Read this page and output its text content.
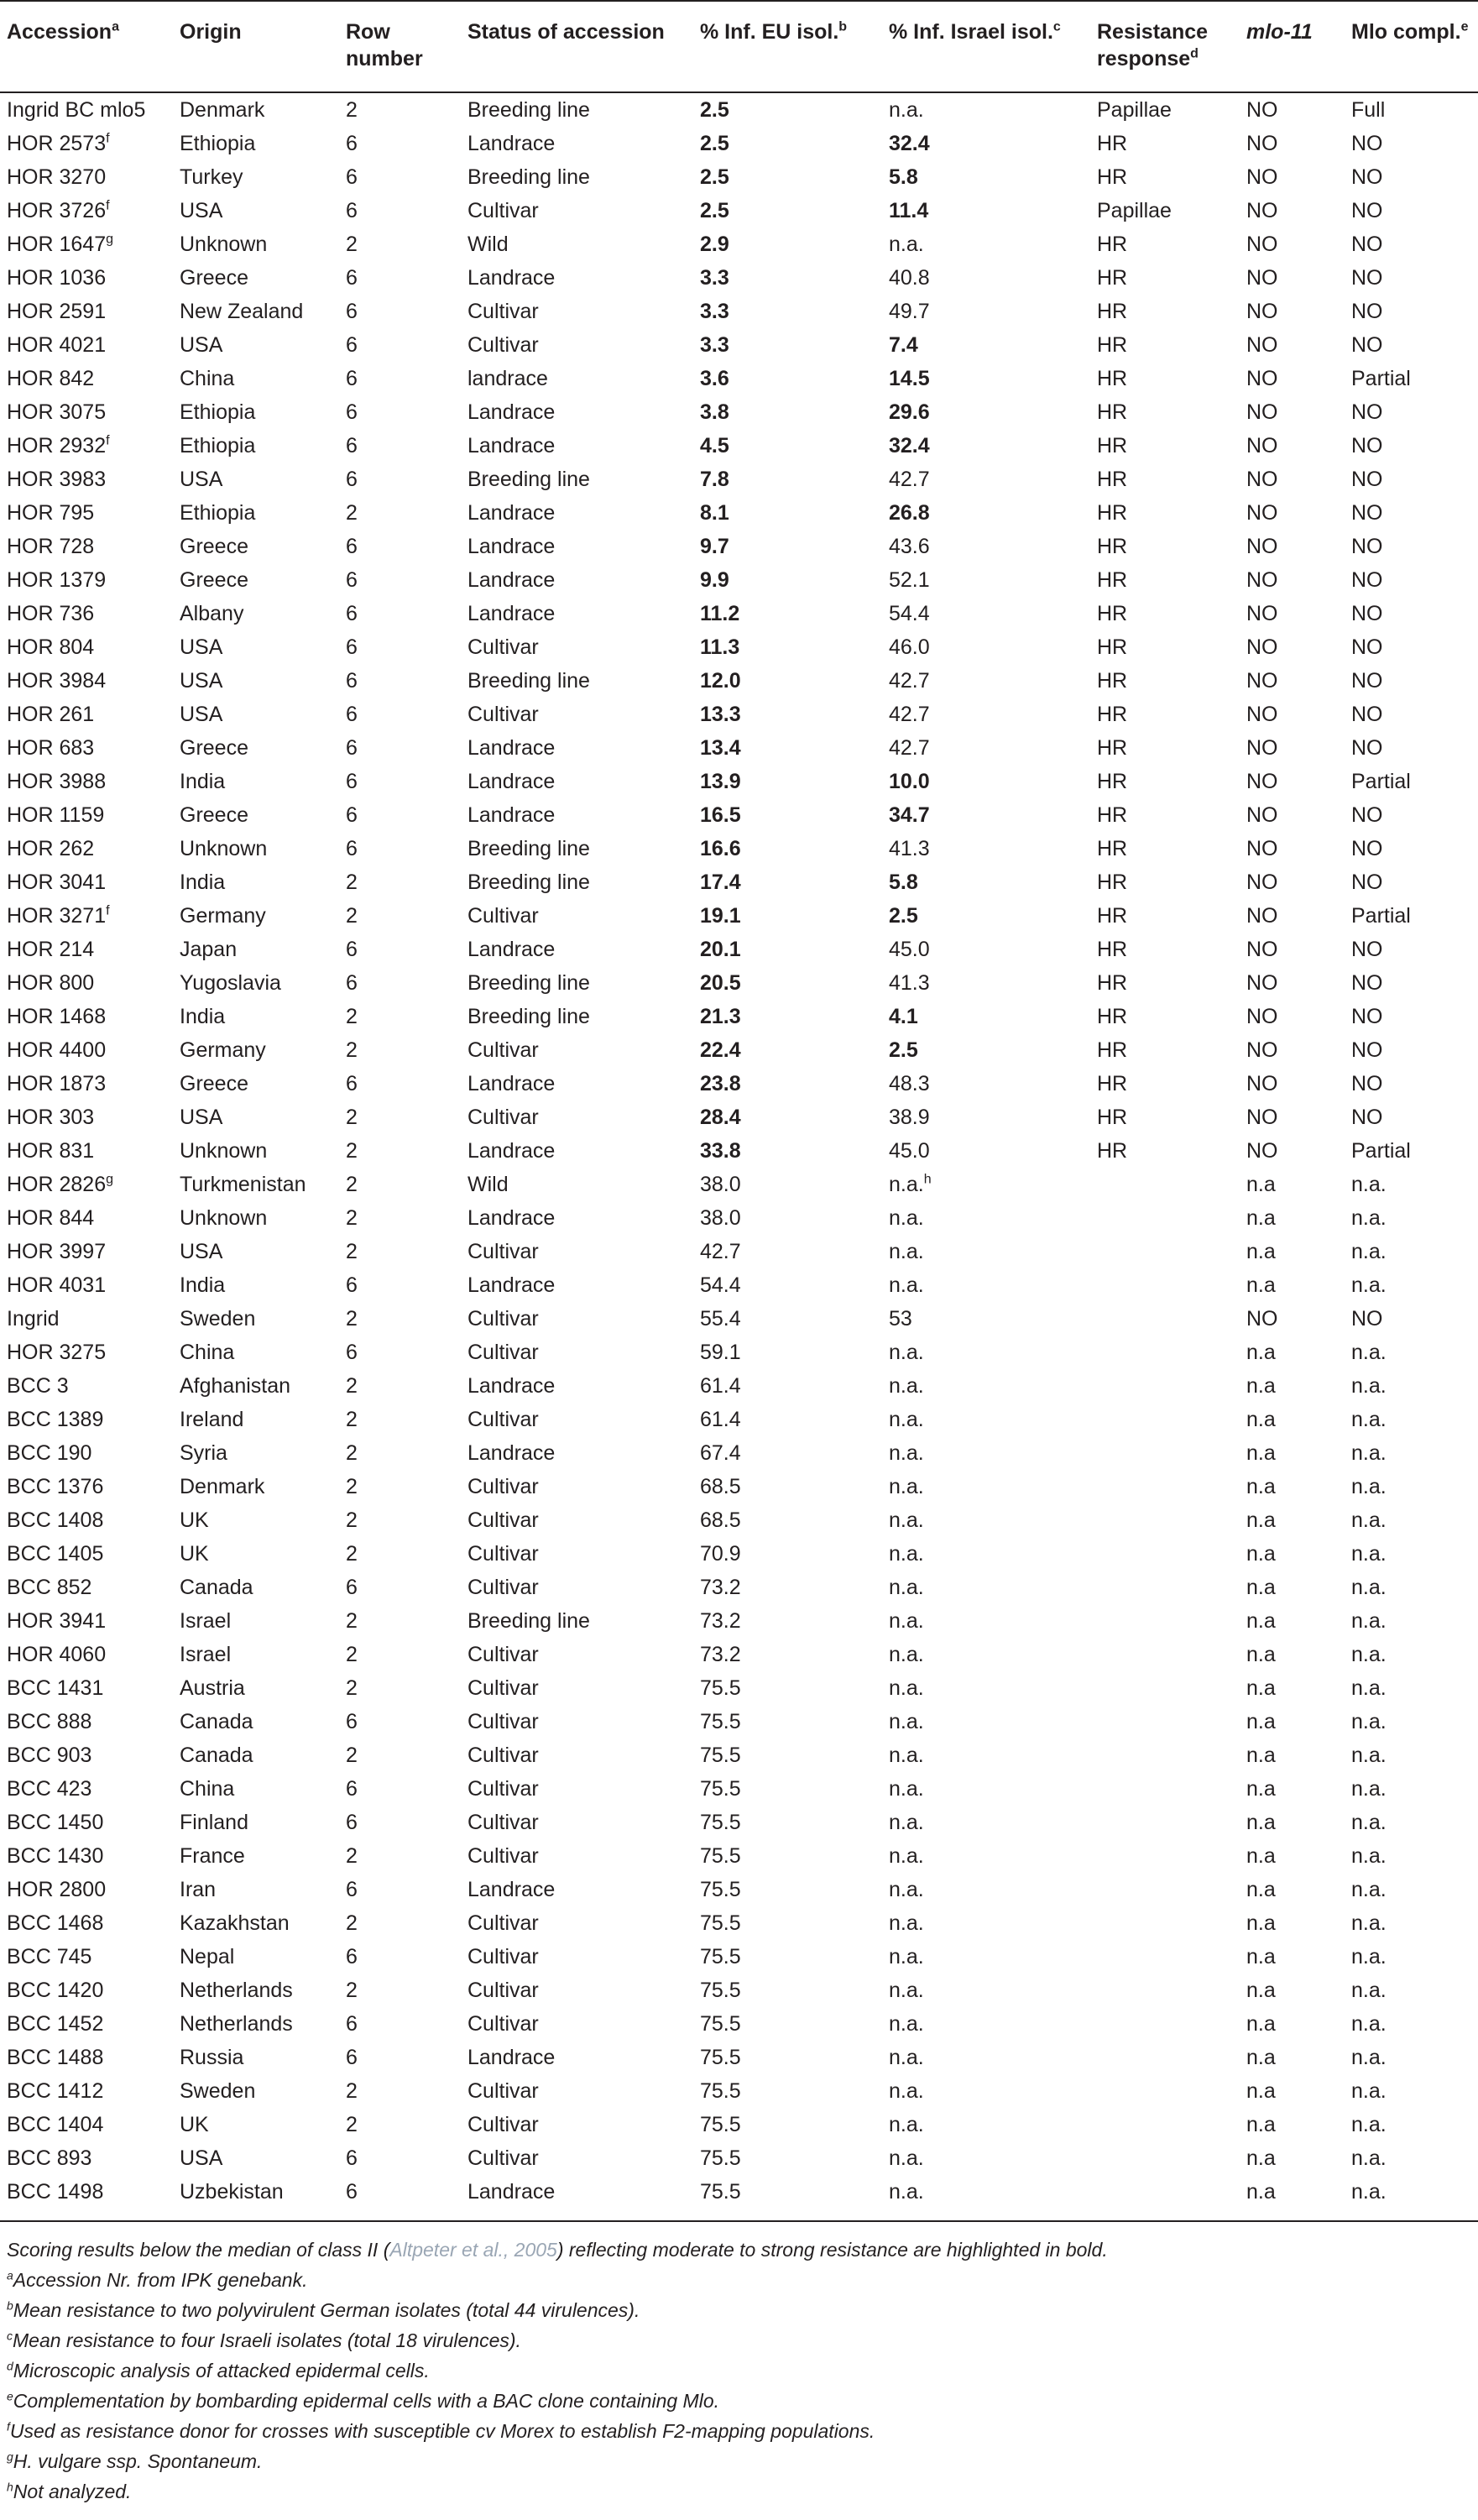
Accession$^a$	Origin	Row number	Status of accession	% Inf. EU isol.$^b$	% Inf. Israel isol.$^c$	Resistance response$^d$	mlo-11	Mlo compl.$^e$
Ingrid BC mlo5	Denmark	2	Breeding line	2.5	n.a.	Papillae	NO	Full
HOR 2573$^f$	Ethiopia	6	Landrace	2.5	32.4	HR	NO	NO
HOR 3270	Turkey	6	Breeding line	2.5	5.8	HR	NO	NO
HOR 3726$^f$	USA	6	Cultivar	2.5	11.4	Papillae	NO	NO
HOR 1647$^g$	Unknown	2	Wild	2.9	n.a.	HR	NO	NO
HOR 1036	Greece	6	Landrace	3.3	40.8	HR	NO	NO
HOR 2591	New Zealand	6	Cultivar	3.3	49.7	HR	NO	NO
HOR 4021	USA	6	Cultivar	3.3	7.4	HR	NO	NO
HOR 842	China	6	landrace	3.6	14.5	HR	NO	Partial
HOR 3075	Ethiopia	6	Landrace	3.8	29.6	HR	NO	NO
HOR 2932$^f$	Ethiopia	6	Landrace	4.5	32.4	HR	NO	NO
HOR 3983	USA	6	Breeding line	7.8	42.7	HR	NO	NO
HOR 795	Ethiopia	2	Landrace	8.1	26.8	HR	NO	NO
HOR 728	Greece	6	Landrace	9.7	43.6	HR	NO	NO
HOR 1379	Greece	6	Landrace	9.9	52.1	HR	NO	NO
HOR 736	Albany	6	Landrace	11.2	54.4	HR	NO	NO
HOR 804	USA	6	Cultivar	11.3	46.0	HR	NO	NO
HOR 3984	USA	6	Breeding line	12.0	42.7	HR	NO	NO
HOR 261	USA	6	Cultivar	13.3	42.7	HR	NO	NO
HOR 683	Greece	6	Landrace	13.4	42.7	HR	NO	NO
HOR 3988	India	6	Landrace	13.9	10.0	HR	NO	Partial
HOR 1159	Greece	6	Landrace	16.5	34.7	HR	NO	NO
HOR 262	Unknown	6	Breeding line	16.6	41.3	HR	NO	NO
HOR 3041	India	2	Breeding line	17.4	5.8	HR	NO	NO
HOR 3271$^f$	Germany	2	Cultivar	19.1	2.5	HR	NO	Partial
HOR 214	Japan	6	Landrace	20.1	45.0	HR	NO	NO
HOR 800	Yugoslavia	6	Breeding line	20.5	41.3	HR	NO	NO
HOR 1468	India	2	Breeding line	21.3	4.1	HR	NO	NO
HOR 4400	Germany	2	Cultivar	22.4	2.5	HR	NO	NO
HOR 1873	Greece	6	Landrace	23.8	48.3	HR	NO	NO
HOR 303	USA	2	Cultivar	28.4	38.9	HR	NO	NO
HOR 831	Unknown	2	Landrace	33.8	45.0	HR	NO	Partial
HOR 2826$^g$	Turkmenistan	2	Wild	38.0	n.a.$^h$		n.a	n.a.
HOR 844	Unknown	2	Landrace	38.0	n.a.		n.a	n.a.
HOR 3997	USA	2	Cultivar	42.7	n.a.		n.a	n.a.
HOR 4031	India	6	Landrace	54.4	n.a.		n.a	n.a.
Ingrid	Sweden	2	Cultivar	55.4	53		NO	NO
HOR 3275	China	6	Cultivar	59.1	n.a.		n.a	n.a.
BCC 3	Afghanistan	2	Landrace	61.4	n.a.		n.a	n.a.
BCC 1389	Ireland	2	Cultivar	61.4	n.a.		n.a	n.a.
BCC 190	Syria	2	Landrace	67.4	n.a.		n.a	n.a.
BCC 1376	Denmark	2	Cultivar	68.5	n.a.		n.a	n.a.
BCC 1408	UK	2	Cultivar	68.5	n.a.		n.a	n.a.
BCC 1405	UK	2	Cultivar	70.9	n.a.		n.a	n.a.
BCC 852	Canada	6	Cultivar	73.2	n.a.		n.a	n.a.
HOR 3941	Israel	2	Breeding line	73.2	n.a.		n.a	n.a.
HOR 4060	Israel	2	Cultivar	73.2	n.a.		n.a	n.a.
BCC 1431	Austria	2	Cultivar	75.5	n.a.		n.a	n.a.
BCC 888	Canada	6	Cultivar	75.5	n.a.		n.a	n.a.
BCC 903	Canada	2	Cultivar	75.5	n.a.		n.a	n.a.
BCC 423	China	6	Cultivar	75.5	n.a.		n.a	n.a.
BCC 1450	Finland	6	Cultivar	75.5	n.a.		n.a	n.a.
BCC 1430	France	2	Cultivar	75.5	n.a.		n.a	n.a.
HOR 2800	Iran	6	Landrace	75.5	n.a.		n.a	n.a.
BCC 1468	Kazakhstan	2	Cultivar	75.5	n.a.		n.a	n.a.
BCC 745	Nepal	6	Cultivar	75.5	n.a.		n.a	n.a.
BCC 1420	Netherlands	2	Cultivar	75.5	n.a.		n.a	n.a.
BCC 1452	Netherlands	6	Cultivar	75.5	n.a.		n.a	n.a.
BCC 1488	Russia	6	Landrace	75.5	n.a.		n.a	n.a.
BCC 1412	Sweden	2	Cultivar	75.5	n.a.		n.a	n.a.
BCC 1404	UK	2	Cultivar	75.5	n.a.		n.a	n.a.
BCC 893	USA	6	Cultivar	75.5	n.a.		n.a	n.a.
BCC 1498	Uzbekistan	6	Landrace	75.5	n.a.		n.a	n.a.
Scoring results below the median of class II (Altpeter et al., 2005) reflecting moderate to strong resistance are highlighted in bold.
$^a$Accession Nr. from IPK genebank.
$^b$Mean resistance to two polyvirulent German isolates (total 44 virulences).
$^c$Mean resistance to four Israeli isolates (total 18 virulences).
$^d$Microscopic analysis of attacked epidermal cells.
$^e$Complementation by bombarding epidermal cells with a BAC clone containing Mlo.
$^f$Used as resistance donor for crosses with susceptible cv Morex to establish F2-mapping populations.
$^g$H. vulgare ssp. Spontaneum.
$^h$Not analyzed.
